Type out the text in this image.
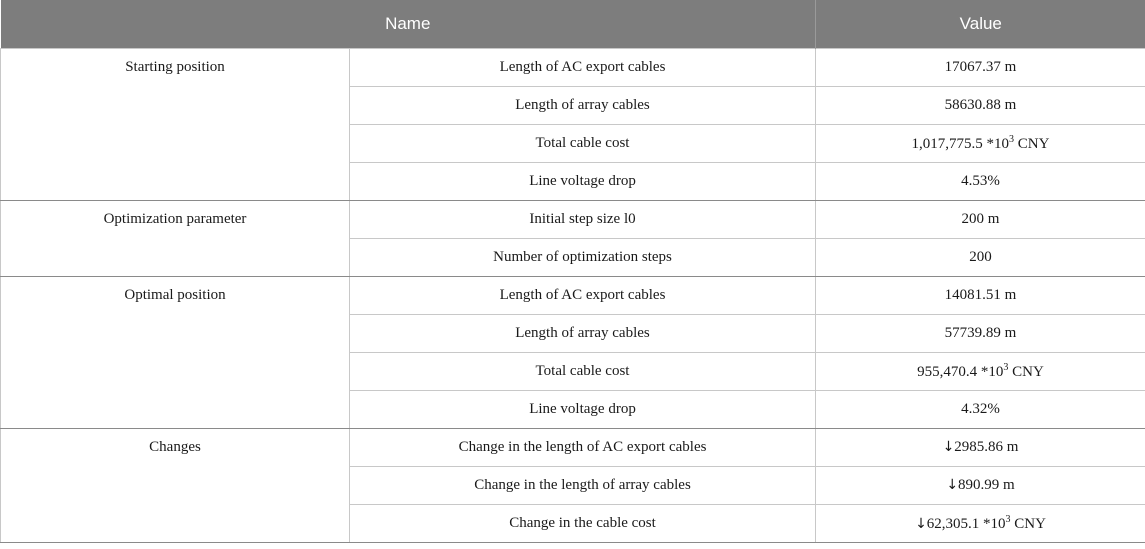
Name		Value
Starting position	Length of AC export cables	17067.37 m
	Length of array cables	58630.88 m
	Total cable cost	1,017,775.5 $*10^3$ CNY
	Line voltage drop	4.53%
Optimization parameter	Initial step size l0	200 m
	Number of optimization steps	200
Optimal position	Length of AC export cables	14081.51 m
	Length of array cables	57739.89 m
	Total cable cost	955,470.4 $*10^3$ CNY
	Line voltage drop	4.32%
Changes	Change in the length of AC export cables	↓2985.86 m
	Change in the length of array cables	↓890.99 m
	Change in the cable cost	↓62,305.1 $*10^3$ CNY
